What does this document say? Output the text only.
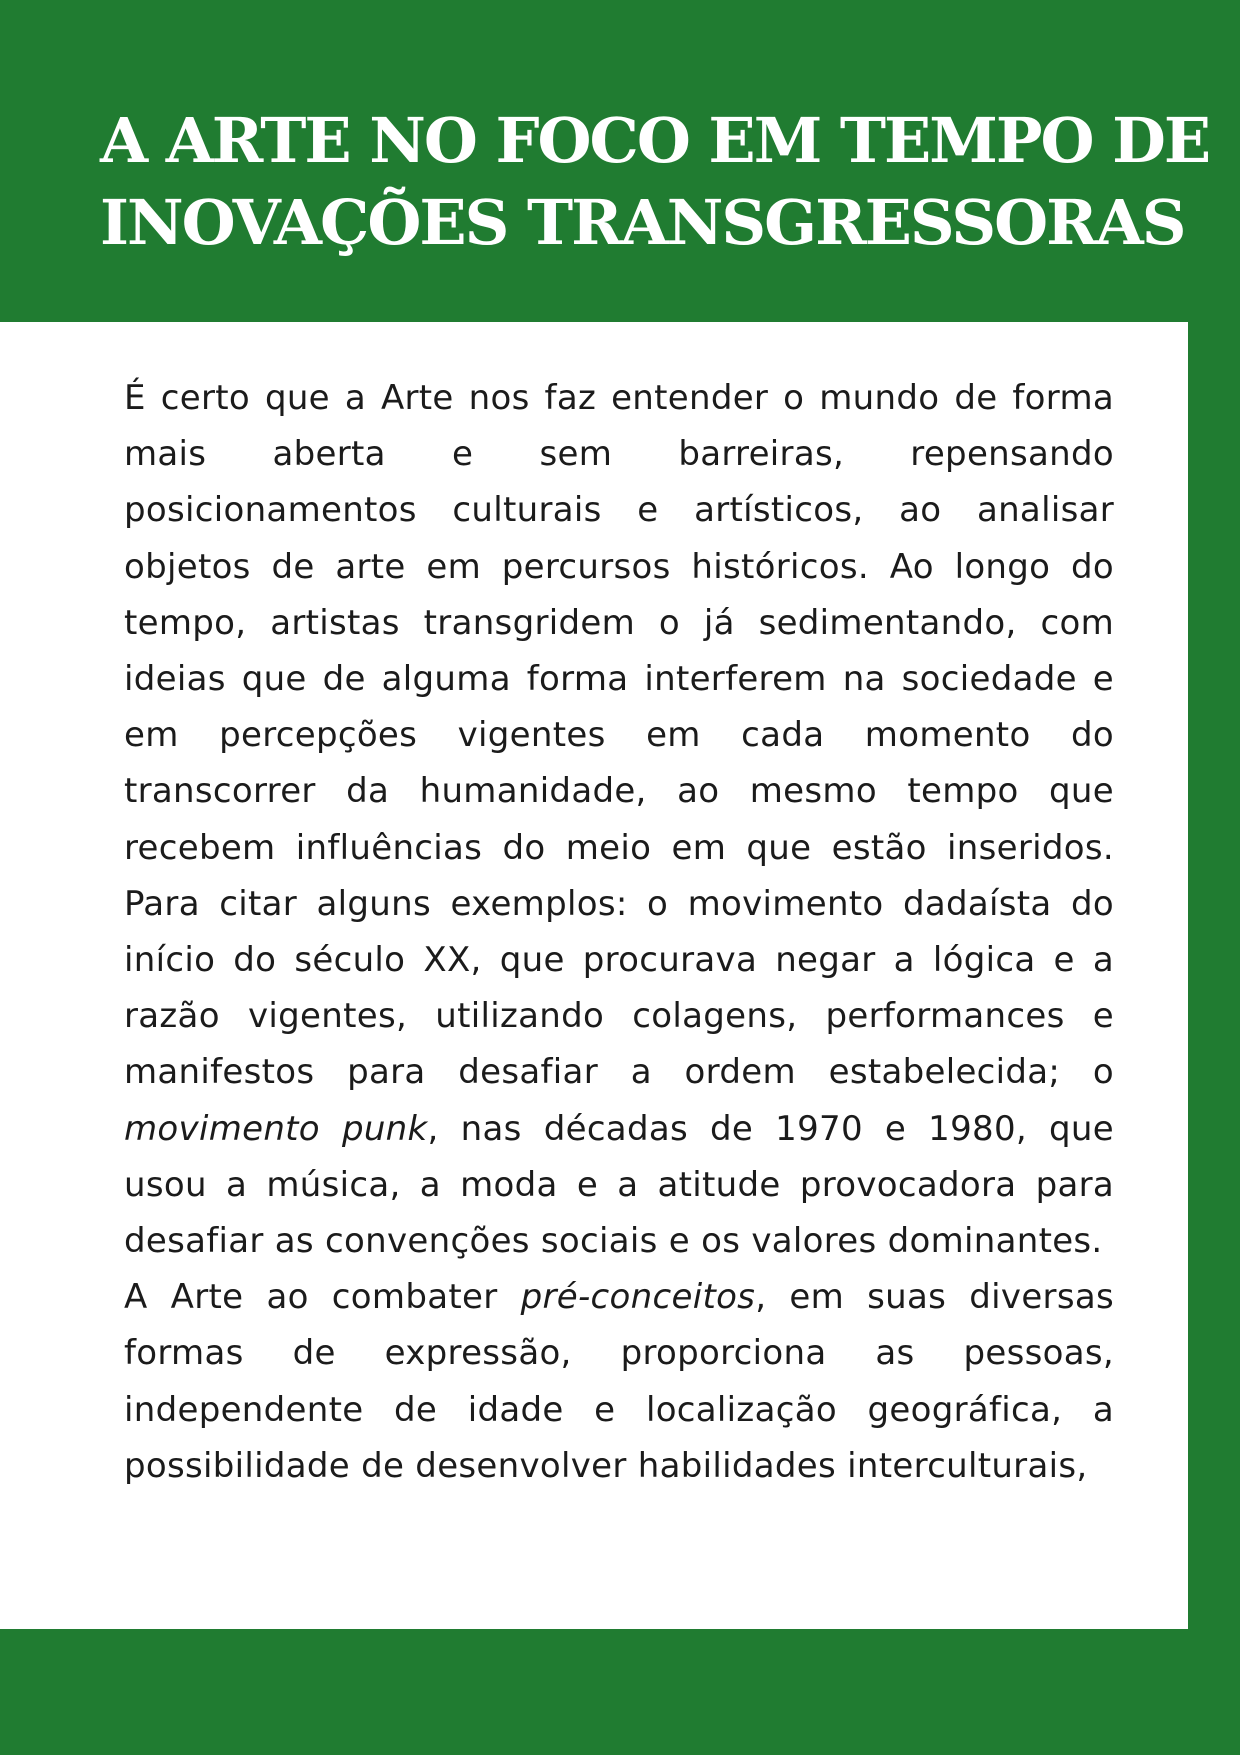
A ARTE NO FOCO EM TEMPO DE
INOVAÇÕES TRANSGRESSORAS

É certo que a Arte nos faz entender o mundo de forma mais aberta e sem barreiras, repensando posicionamentos culturais e artísticos, ao analisar objetos de arte em percursos históricos. Ao longo do tempo, artistas transgridem o já sedimentando, com ideias que de alguma forma interferem na sociedade e em percepções vigentes em cada momento do transcorrer da humanidade, ao mesmo tempo que recebem influências do meio em que estão inseridos. Para citar alguns exemplos: o movimento dadaísta do início do século XX, que procurava negar a lógica e a razão vigentes, utilizando colagens, performances e manifestos para desafiar a ordem estabelecida; o movimento punk, nas décadas de 1970 e 1980, que usou a música, a moda e a atitude provocadora para desafiar as convenções sociais e os valores dominantes.

A Arte ao combater pré-conceitos, em suas diversas formas de expressão, proporciona as pessoas, independente de idade e localização geográfica, a possibilidade de desenvolver habilidades interculturais,
